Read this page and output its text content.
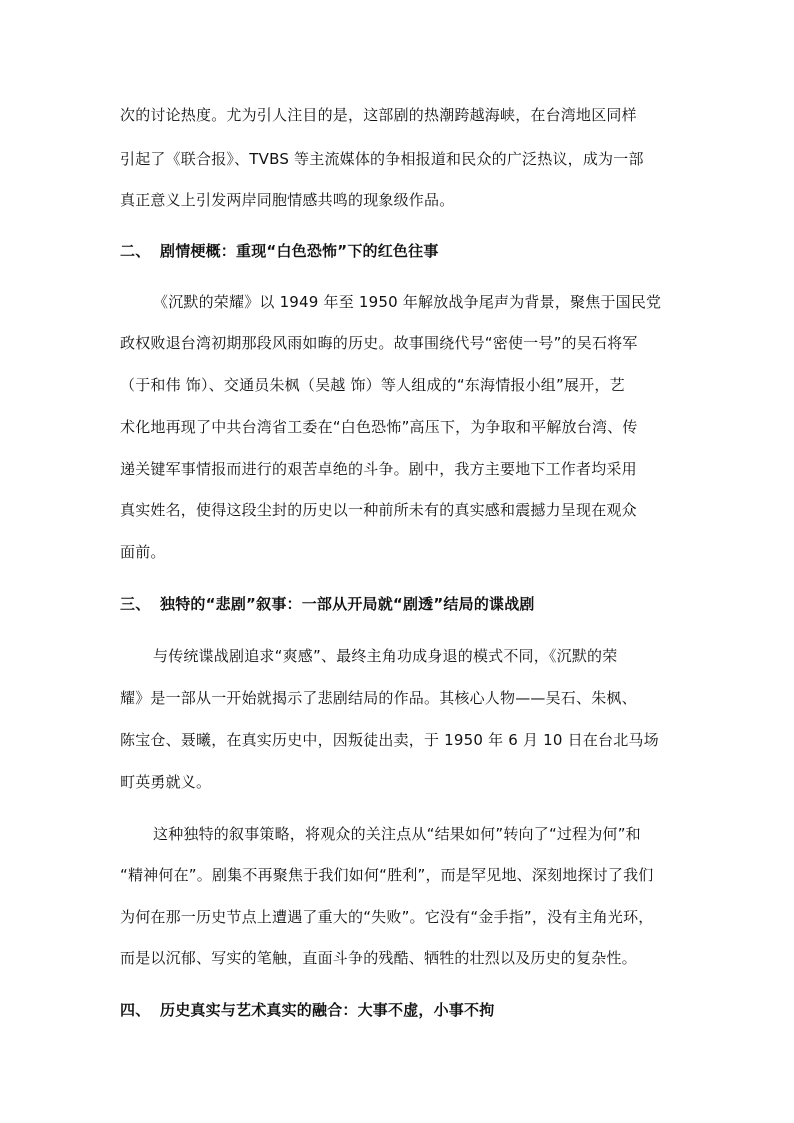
次的讨论热度。尤为引人注目的是，这部剧的热潮跨越海峡，在台湾地区同样
引起了《联合报》、TVBS 等主流媒体的争相报道和民众的广泛热议，成为一部
真正意义上引发两岸同胞情感共鸣的现象级作品。
二、 剧情梗概：重现“白色恐怖”下的红色往事
《沉默的荣耀》以 1949 年至 1950 年解放战争尾声为背景，聚焦于国民党
政权败退台湾初期那段风雨如晦的历史。故事围绕代号“密使一号”的吴石将军
（于和伟 饰）、交通员朱枫（吴越 饰）等人组成的“东海情报小组”展开，艺
术化地再现了中共台湾省工委在“白色恐怖”高压下，为争取和平解放台湾、传
递关键军事情报而进行的艰苦卓绝的斗争。剧中，我方主要地下工作者均采用
真实姓名，使得这段尘封的历史以一种前所未有的真实感和震撼力呈现在观众
面前。
三、 独特的“悲剧”叙事：一部从开局就“剧透”结局的谍战剧
与传统谍战剧追求“爽感”、最终主角功成身退的模式不同，《沉默的荣
耀》是一部从一开始就揭示了悲剧结局的作品。其核心人物——吴石、朱枫、
陈宝仓、聂曦，在真实历史中，因叛徒出卖，于 1950 年 6 月 10 日在台北马场
町英勇就义。
这种独特的叙事策略，将观众的关注点从“结果如何”转向了“过程为何”和
“精神何在”。剧集不再聚焦于我们如何“胜利”，而是罕见地、深刻地探讨了我们
为何在那一历史节点上遭遇了重大的“失败”。它没有“金手指”，没有主角光环，
而是以沉郁、写实的笔触，直面斗争的残酷、牺牲的壮烈以及历史的复杂性。
四、 历史真实与艺术真实的融合：大事不虚，小事不拘
